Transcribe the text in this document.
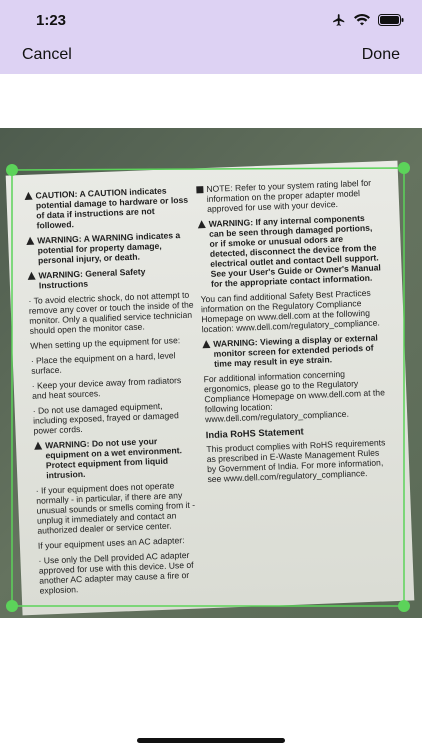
1:23
Cancel	Done
CAUTION: A CAUTION indicates potential damage to hardware or loss of data if instructions are not followed.
WARNING: A WARNING indicates a potential for property damage, personal injury, or death.
WARNING: General Safety Instructions
· To avoid electric shock, do not attempt to remove any cover or touch the inside of the monitor. Only a qualified service technician should open the monitor case.
When setting up the equipment for use:
· Place the equipment on a hard, level surface.
· Keep your device away from radiators and heat sources.
· Do not use damaged equipment, including exposed, frayed or damaged power cords.
WARNING: Do not use your equipment on a wet environment. Protect equipment from liquid intrusion.
· If your equipment does not operate normally - in particular, if there are any unusual sounds or smells coming from it - unplug it immediately and contact an authorized dealer or service center.
If your equipment uses an AC adapter:
· Use only the Dell provided AC adapter approved for use with this device. Use of another AC adapter may cause a fire or explosion.
NOTE: Refer to your system rating label for information on the proper adapter model approved for use with your device.
WARNING: If any internal components can be seen through damaged portions, or if smoke or unusual odors are detected, disconnect the device from the electrical outlet and contact Dell support. See your User's Guide or Owner's Manual for the appropriate contact information.
You can find additional Safety Best Practices information on the Regulatory Compliance Homepage on www.dell.com at the following location: www.dell.com/regulatory_compliance.
WARNING: Viewing a display or external monitor screen for extended periods of time may result in eye strain.
For additional information concerning ergonomics, please go to the Regulatory Compliance Homepage on www.dell.com at the following location: www.dell.com/regulatory_compliance.
India RoHS Statement
This product complies with RoHS requirements as prescribed in E-Waste Management Rules by Government of India. For more information, see www.dell.com/regulatory_compliance.
